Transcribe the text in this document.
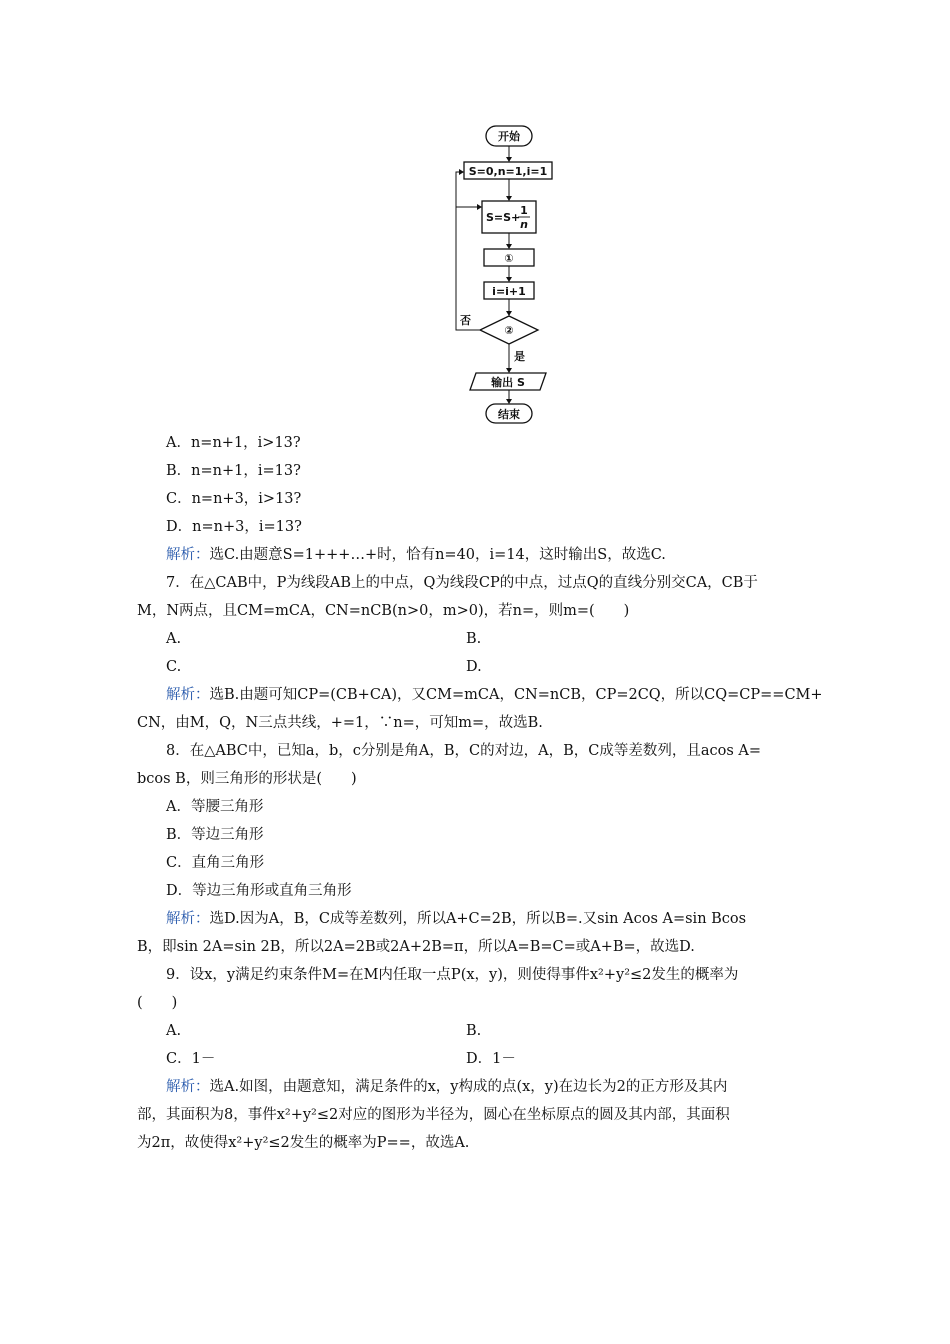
开始
S=0,n=1,i=1
S=S+
1
n
①
i=i+1
②
否
是
输出 S
结束
A．n=n+1，i>13?
B．n=n+1，i=13?
C．n=n+3，i>13?
D．n=n+3，i=13?
解析：选C.由题意S=1+++…+时，恰有n=40，i=14，这时输出S，故选C.
7．在△CAB中，P为线段AB上的中点，Q为线段CP的中点，过点Q的直线分别交CA，CB于
M，N两点，且CM=mCA，CN=nCB(n>0，m>0)，若n=，则m=(　　)
A.	B.
C.	D.
解析：选B.由题可知CP=(CB+CA)，又CM=mCA，CN=nCB，CP=2CQ，所以CQ=CP==CM+
CN，由M，Q，N三点共线，+=1，∵n=，可知m=，故选B.
8．在△ABC中，已知a，b，c分别是角A，B，C的对边，A，B，C成等差数列，且acos A=
bcos B，则三角形的形状是(　　)
A．等腰三角形
B．等边三角形
C．直角三角形
D．等边三角形或直角三角形
解析：选D.因为A，B，C成等差数列，所以A+C=2B，所以B=.又sin Acos A=sin Bcos
B，即sin 2A=sin 2B，所以2A=2B或2A+2B=π，所以A=B=C=或A+B=，故选D.
9．设x，y满足约束条件M=在M内任取一点P(x，y)，则使得事件x²+y²≤2发生的概率为
(　　)
A.	B.
C．1－	D．1－
解析：选A.如图，由题意知，满足条件的x，y构成的点(x，y)在边长为2的正方形及其内
部，其面积为8，事件x²+y²≤2对应的图形为半径为，圆心在坐标原点的圆及其内部，其面积
为2π，故使得x²+y²≤2发生的概率为P==，故选A.
